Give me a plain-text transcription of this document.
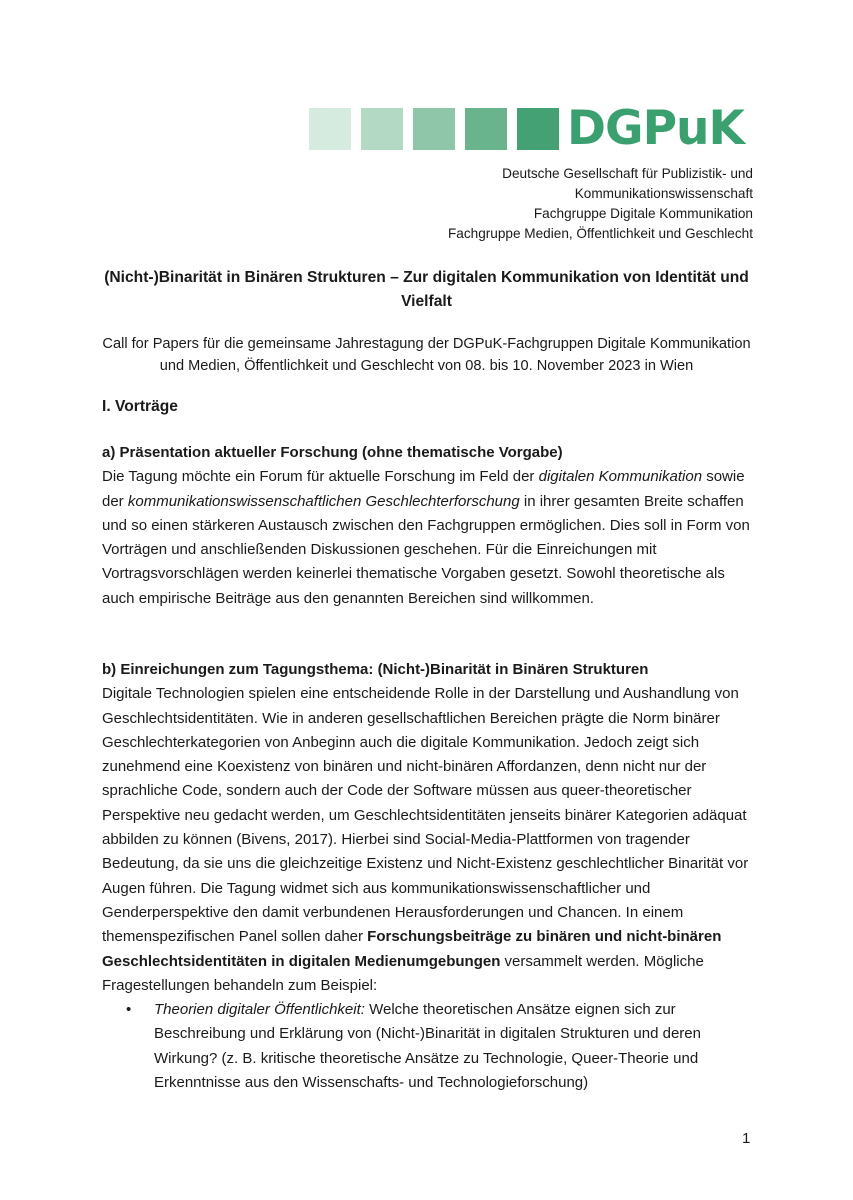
DGPuK
Deutsche Gesellschaft für Publizistik- und
Kommunikationswissenschaft
Fachgruppe Digitale Kommunikation
Fachgruppe Medien, Öffentlichkeit und Geschlecht
(Nicht-)Binarität in Binären Strukturen – Zur digitalen Kommunikation von Identität und
Vielfalt
Call for Papers für die gemeinsame Jahrestagung der DGPuK-Fachgruppen Digitale Kommunikation
und Medien, Öffentlichkeit und Geschlecht von 08. bis 10. November 2023 in Wien
I. Vorträge
a) Präsentation aktueller Forschung (ohne thematische Vorgabe)
Die Tagung möchte ein Forum für aktuelle Forschung im Feld der digitalen Kommunikation sowie der kommunikationswissenschaftlichen Geschlechterforschung in ihrer gesamten Breite schaffen und so einen stärkeren Austausch zwischen den Fachgruppen ermöglichen. Dies soll in Form von Vorträgen und anschließenden Diskussionen geschehen. Für die Einreichungen mit Vortragsvorschlägen werden keinerlei thematische Vorgaben gesetzt. Sowohl theoretische als auch empirische Beiträge aus den genannten Bereichen sind willkommen.
b) Einreichungen zum Tagungsthema: (Nicht-)Binarität in Binären Strukturen
Digitale Technologien spielen eine entscheidende Rolle in der Darstellung und Aushandlung von Geschlechtsidentitäten. Wie in anderen gesellschaftlichen Bereichen prägte die Norm binärer Geschlechterkategorien von Anbeginn auch die digitale Kommunikation. Jedoch zeigt sich zunehmend eine Koexistenz von binären und nicht-binären Affordanzen, denn nicht nur der sprachliche Code, sondern auch der Code der Software müssen aus queer-theoretischer Perspektive neu gedacht werden, um Geschlechtsidentitäten jenseits binärer Kategorien adäquat abbilden zu können (Bivens, 2017). Hierbei sind Social-Media-Plattformen von tragender Bedeutung, da sie uns die gleichzeitige Existenz und Nicht-Existenz geschlechtlicher Binarität vor Augen führen. Die Tagung widmet sich aus kommunikationswissenschaftlicher und Genderperspektive den damit verbundenen Herausforderungen und Chancen. In einem themenspezifischen Panel sollen daher Forschungsbeiträge zu binären und nicht-binären Geschlechtsidentitäten in digitalen Medienumgebungen versammelt werden. Mögliche Fragestellungen behandeln zum Beispiel:
• Theorien digitaler Öffentlichkeit: Welche theoretischen Ansätze eignen sich zur Beschreibung und Erklärung von (Nicht-)Binarität in digitalen Strukturen und deren Wirkung? (z. B. kritische theoretische Ansätze zu Technologie, Queer-Theorie und Erkenntnisse aus den Wissenschafts- und Technologieforschung)
1
